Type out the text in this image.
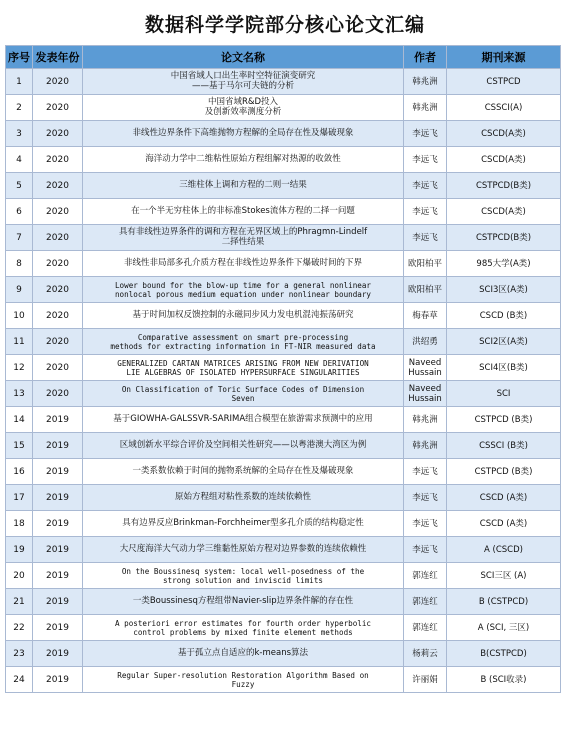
数据科学学院部分核心论文汇编
序号	发表年份	论文名称	作者	期刊来源
1	2020	中国省域人口出生率时空特征演变研究
——基于马尔可夫链的分析	韩兆洲	CSTPCD
2	2020	中国省域R&D投入
及创新效率测度分析	韩兆洲	CSSCI(A)
3	2020	非线性边界条件下高维抛物方程解的全局存在性及爆破现象	李远飞	CSCD(A类)
4	2020	海洋动力学中二维粘性原始方程组解对热源的收敛性	李远飞	CSCD(A类)
5	2020	三维柱体上调和方程的二则一结果	李远飞	CSTPCD(B类)
6	2020	在一个半无穷柱体上的非标准Stokes流体方程的二择一问题	李远飞	CSCD(A类)
7	2020	具有非线性边界条件的调和方程在无界区域上的Phragmn-Lindelf
二择性结果	李远飞	CSTPCD(B类)
8	2020	非线性非局部多孔介质方程在非线性边界条件下爆破时间的下界	欧阳柏平	985大学(A类)
9	2020	Lower bound for the blow-up time for a general nonlinear
nonlocal porous medium equation under nonlinear boundary	欧阳柏平	SCI3区(A类)
10	2020	基于时间加权反馈控制的永磁同步风力发电机混沌振荡研究	梅春草	CSCD (B类)
11	2020	Comparative assessment on smart pre-processing
methods for extracting information in FT-NIR measured data	洪绍勇	SCI2区(A类)
12	2020	GENERALIZED CARTAN MATRICES ARISING FROM NEW DERIVATION
LIE ALGEBRAS OF ISOLATED HYPERSURFACE SINGULARITIES	Naveed Hussain	SCI4区(B类)
13	2020	On Classification of Toric Surface Codes of Dimension
Seven	Naveed Hussain	SCI
14	2019	基于GIOWHA-GALSSVR-SARIMA组合模型在旅游需求预测中的应用	韩兆洲	CSTPCD (B类)
15	2019	区域创新水平综合评价及空间相关性研究——以粤港澳大湾区为例	韩兆洲	CSSCI (B类)
16	2019	一类系数依赖于时间的抛物系统解的全局存在性及爆破现象	李远飞	CSTPCD (B类)
17	2019	原始方程组对粘性系数的连续依赖性	李远飞	CSCD (A类)
18	2019	具有边界反应Brinkman-Forchheimer型多孔介质的结构稳定性	李远飞	CSCD (A类)
19	2019	大尺度海洋大气动力学三维黏性原始方程对边界参数的连续依赖性	李远飞	A (CSCD)
20	2019	On the Boussinesq system: local well-posedness of the
strong solution and inviscid limits	郭连红	SCI三区 (A)
21	2019	一类Boussinesq方程组带Navier-slip边界条件解的存在性	郭连红	B (CSTPCD)
22	2019	A posteriori error estimates for fourth order hyperbolic
control problems by mixed finite element methods	郭连红	A (SCI, 三区)
23	2019	基于孤立点自适应的k-means算法	杨莉云	B(CSTPCD)
24	2019	Regular Super-resolution Restoration Algorithm Based on
Fuzzy	许丽娟	B (SCI收录)
